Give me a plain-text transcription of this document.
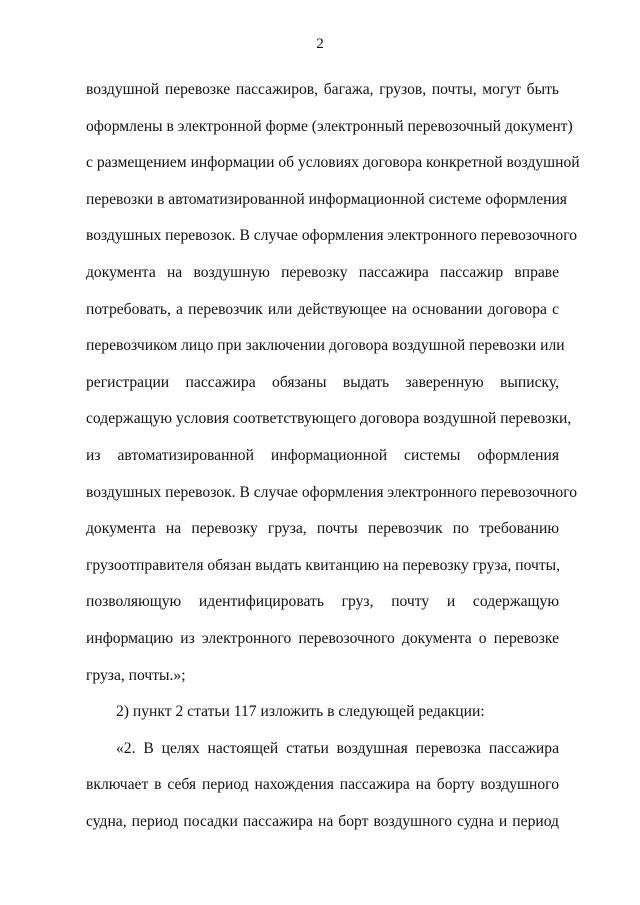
2
воздушной перевозке пассажиров, багажа, грузов, почты, могут быть
оформлены в электронной форме (электронный перевозочный документ)
с размещением информации об условиях договора конкретной воздушной
перевозки в автоматизированной информационной системе оформления
воздушных перевозок. В случае оформления электронного перевозочного
документа на воздушную перевозку пассажира пассажир вправе
потребовать, а перевозчик или действующее на основании договора с
перевозчиком лицо при заключении договора воздушной перевозки или
регистрации пассажира обязаны выдать заверенную выписку,
содержащую условия соответствующего договора воздушной перевозки,
из автоматизированной информационной системы оформления
воздушных перевозок. В случае оформления электронного перевозочного
документа на перевозку груза, почты перевозчик по требованию
грузоотправителя обязан выдать квитанцию на перевозку груза, почты,
позволяющую идентифицировать груз, почту и содержащую
информацию из электронного перевозочного документа о перевозке
груза, почты.»;
2) пункт 2 статьи 117 изложить в следующей редакции:
«2. В целях настоящей статьи воздушная перевозка пассажира
включает в себя период нахождения пассажира на борту воздушного
судна, период посадки пассажира на борт воздушного судна и период
